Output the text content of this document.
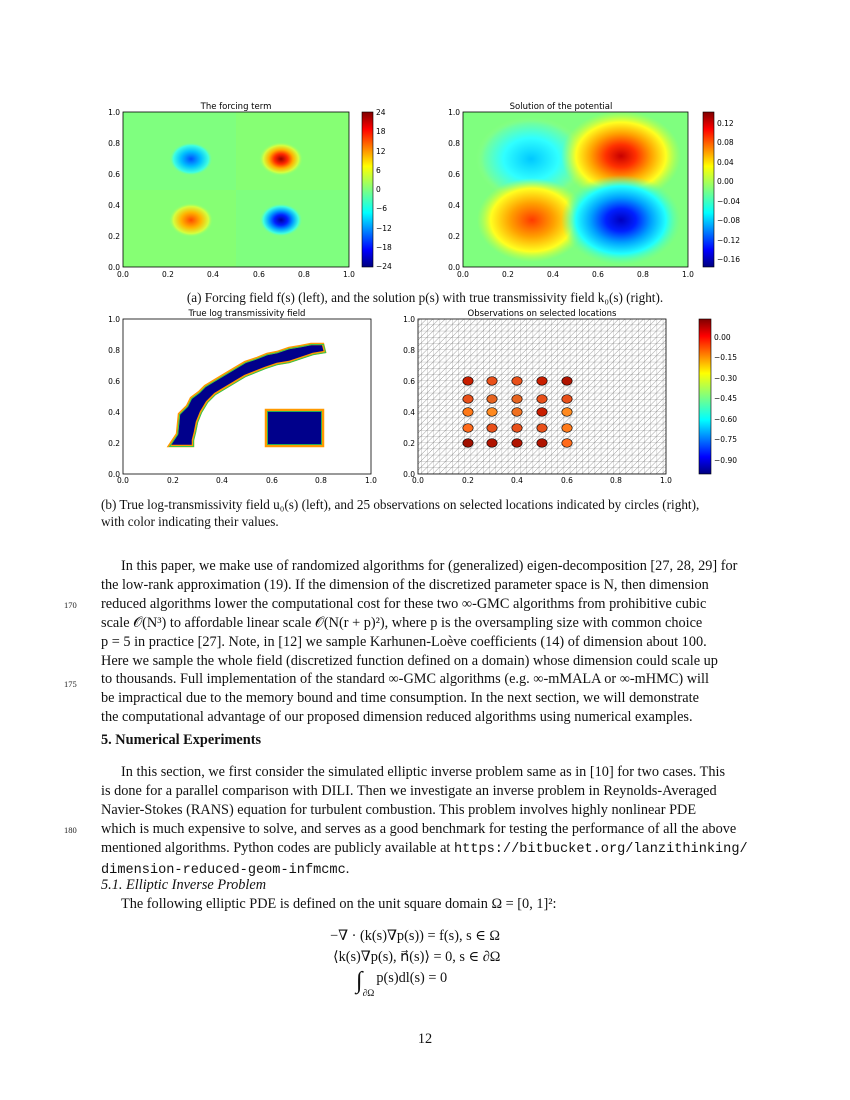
The forcing term
0.0
0.2
0.4
0.6
0.8
1.0
0.0	0.2	0.4	0.6	0.8	1.0
24
18
12
6
0
−6
−12
−18
−24
Solution of the potential
0.0
0.2
0.4
0.6
0.8
1.0
0.0	0.2	0.4	0.6	0.8	1.0
0.12
0.08
0.04
0.00
−0.04
−0.08
−0.12
−0.16
(a) Forcing field f(s) (left), and the solution p(s) with true transmissivity field k₀(s) (right).
True log transmissivity field
0.0
0.2
0.4
0.6
0.8
1.0
0.0	0.2	0.4	0.6	0.8	1.0
Observations on selected locations
0.0
0.2
0.4
0.6
0.8
1.0
0.0	0.2	0.4	0.6	0.8	1.0
0.00
−0.15
−0.30
−0.45
−0.60
−0.75
−0.90
(b) True log-transmissivity field u₀(s) (left), and 25 observations on selected locations indicated by circles (right),
with color indicating their values.
In this paper, we make use of randomized algorithms for (generalized) eigen-decomposition [27, 28, 29] for
the low-rank approximation (19). If the dimension of the discretized parameter space is N, then dimension
reduced algorithms lower the computational cost for these two ∞-GMC algorithms from prohibitive cubic
scale 𝒪(N³) to affordable linear scale 𝒪(N(r + p)²), where p is the oversampling size with common choice
p = 5 in practice [27]. Note, in [12] we sample Karhunen-Loève coefficients (14) of dimension about 100.
Here we sample the whole field (discretized function defined on a domain) whose dimension could scale up
to thousands. Full implementation of the standard ∞-GMC algorithms (e.g. ∞-mMALA or ∞-mHMC) will
be impractical due to the memory bound and time consumption. In the next section, we will demonstrate
the computational advantage of our proposed dimension reduced algorithms using numerical examples.
170
175
5. Numerical Experiments
In this section, we first consider the simulated elliptic inverse problem same as in [10] for two cases. This
is done for a parallel comparison with DILI. Then we investigate an inverse problem in Reynolds-Averaged
Navier-Stokes (RANS) equation for turbulent combustion. This problem involves highly nonlinear PDE
which is much expensive to solve, and serves as a good benchmark for testing the performance of all the above
mentioned algorithms. Python codes are publicly available at https://bitbucket.org/lanzithinking/
dimension-reduced-geom-infmcmc.
180
5.1. Elliptic Inverse Problem
The following elliptic PDE is defined on the unit square domain Ω = [0, 1]²:
−∇ · (k(s)∇p(s)) = f(s), s ∈ Ω
⟨k(s)∇p(s), n⃗(s)⟩ = 0, s ∈ ∂Ω
$\int_{\partial\Omega}p(s)dl(s) = 0$
12
